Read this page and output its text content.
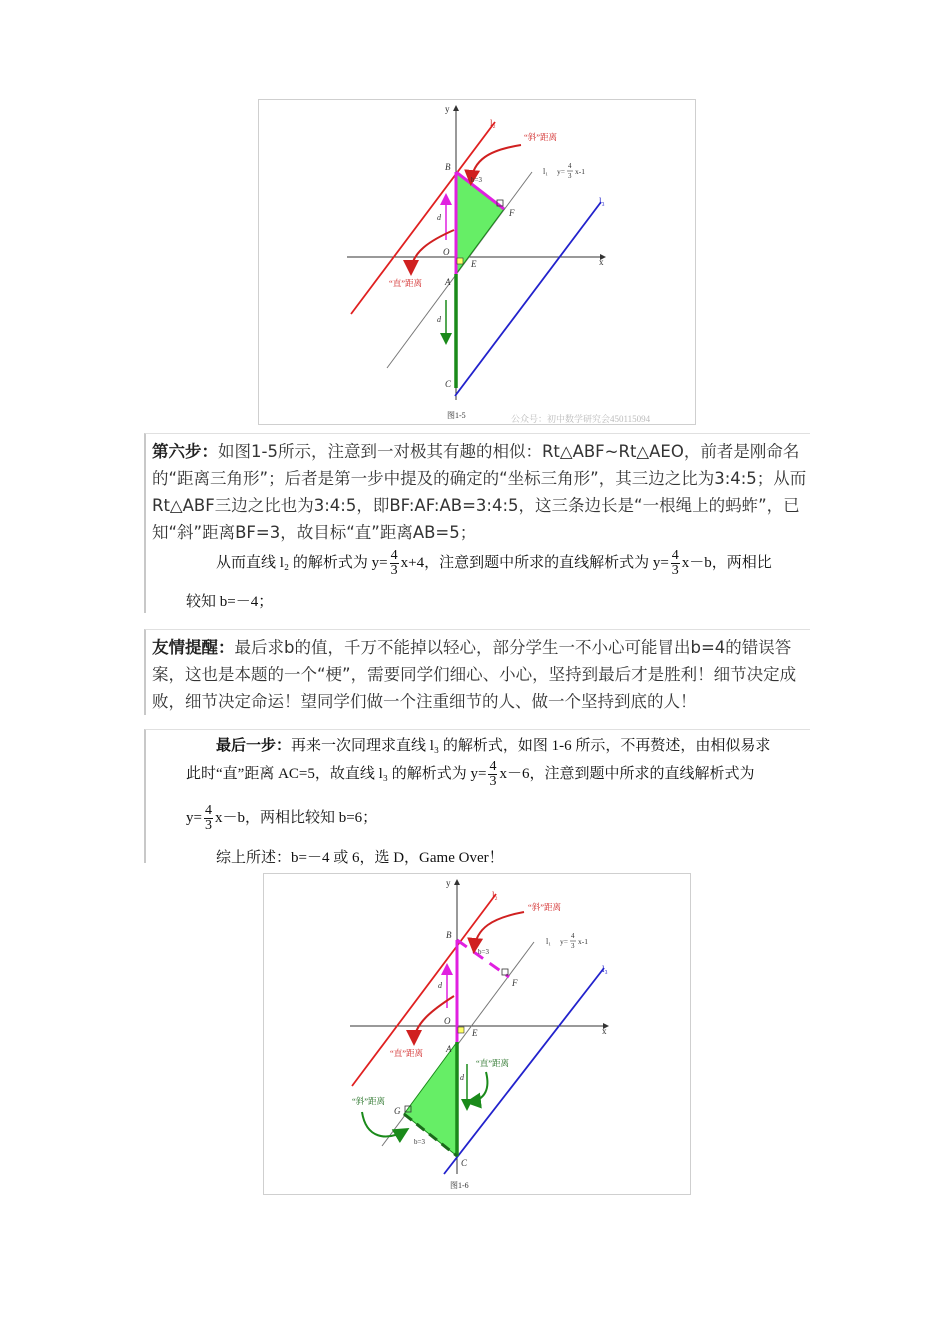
y
x
l₂
l₃
l₁ y=
4
3 x-1
“斜”距离
“直”距离
b=3
B
F
O
E
A
C
d
d
图1-5	公众号：初中数学研究会450115094

第六步：如图1-5所示，注意到一对极其有趣的相似：Rt△ABF~Rt△AEO，前者是刚命名的“距离三角形”；后者是第一步中提及的确定的“坐标三角形”，其三边之比为3:4:5；从而Rt△ABF三边之比也为3:4:5，即BF:AF:AB=3:4:5，这三条边长是“一根绳上的蚂蚱”，已知“斜”距离BF=3，故目标“直”距离AB=5；

从而直线 l₂ 的解析式为 $y= \frac{4}{3} x+4$，注意到题中所求的直线解析式为 $y= \frac{4}{3} x-b$，两相比
较知 b=－4；

友情提醒：最后求b的值，千万不能掉以轻心，部分学生一不小心可能冒出b=4的错误答案，这也是本题的一个“梗”，需要同学们细心、小心，坚持到最后才是胜利！细节决定成败，细节决定命运！望同学们做一个注重细节的人、做一个坚持到底的人！

最后一步：再来一次同理求直线 l₃ 的解析式，如图 1-6 所示，不再赘述，由相似易求
此时“直”距离 AC=5，故直线 l₃ 的解析式为 $y= \frac{4}{3} x-6$，注意到题中所求的直线解析式为
$y= \frac{4}{3} x-b$，两相比较知 b=6；
综上所述：b=－4 或 6，选 D，Game Over！
y
x
l₂
l₃
l₁ y=
4
3 x-1
“斜”距离
“直”距离
“直”距离
“斜”距离
b=3
b=3
B
F
O
E
A
G
C
d
d
图1-6
